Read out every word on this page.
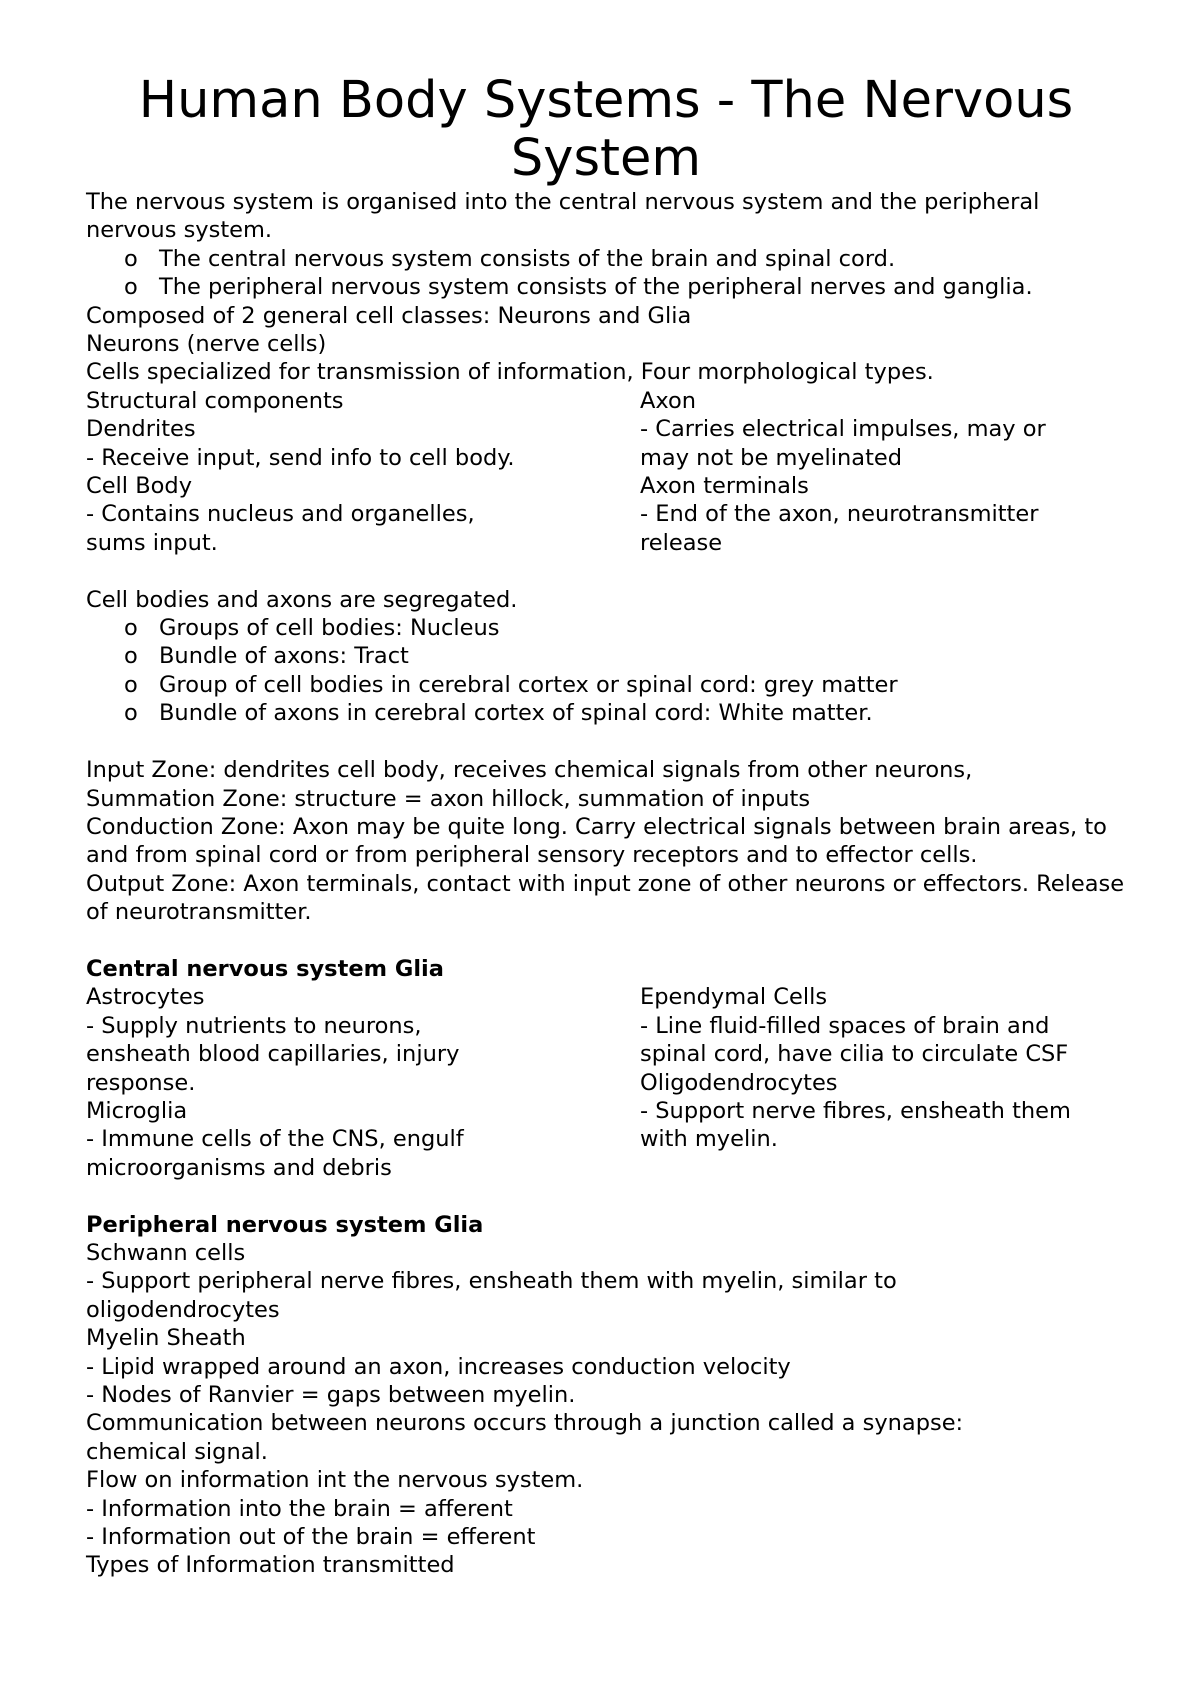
Human Body Systems - The Nervous System

The nervous system is organised into the central nervous system and the peripheral nervous system.

o The central nervous system consists of the brain and spinal cord.
o The peripheral nervous system consists of the peripheral nerves and ganglia.

Composed of 2 general cell classes: Neurons and Glia

Neurons (nerve cells)

Cells specialized for transmission of information, Four morphological types.

Structural components

Dendrites

- Receive input, send info to cell body.

Cell Body

- Contains nucleus and organelles, sums input.

Axon

- Carries electrical impulses, may or may not be myelinated

Axon terminals

- End of the axon, neurotransmitter release

Cell bodies and axons are segregated.

o Groups of cell bodies: Nucleus
o Bundle of axons: Tract
o Group of cell bodies in cerebral cortex or spinal cord: grey matter
o Bundle of axons in cerebral cortex of spinal cord: White matter.

Input Zone: dendrites cell body, receives chemical signals from other neurons,

Summation Zone: structure = axon hillock, summation of inputs

Conduction Zone: Axon may be quite long. Carry electrical signals between brain areas, to and from spinal cord or from peripheral sensory receptors and to effector cells.

Output Zone: Axon terminals, contact with input zone of other neurons or effectors. Release of neurotransmitter.

Central nervous system Glia

Astrocytes

- Supply nutrients to neurons, ensheath blood capillaries, injury response.

Microglia

- Immune cells of the CNS, engulf microorganisms and debris

Ependymal Cells

- Line fluid-filled spaces of brain and spinal cord, have cilia to circulate CSF

Oligodendrocytes

- Support nerve fibres, ensheath them with myelin.

Peripheral nervous system Glia

Schwann cells

- Support peripheral nerve fibres, ensheath them with myelin, similar to oligodendrocytes

Myelin Sheath

- Lipid wrapped around an axon, increases conduction velocity

- Nodes of Ranvier = gaps between myelin.

Communication between neurons occurs through a junction called a synapse: chemical signal.

Flow on information int the nervous system.

- Information into the brain = afferent

- Information out of the brain = efferent

Types of Information transmitted
